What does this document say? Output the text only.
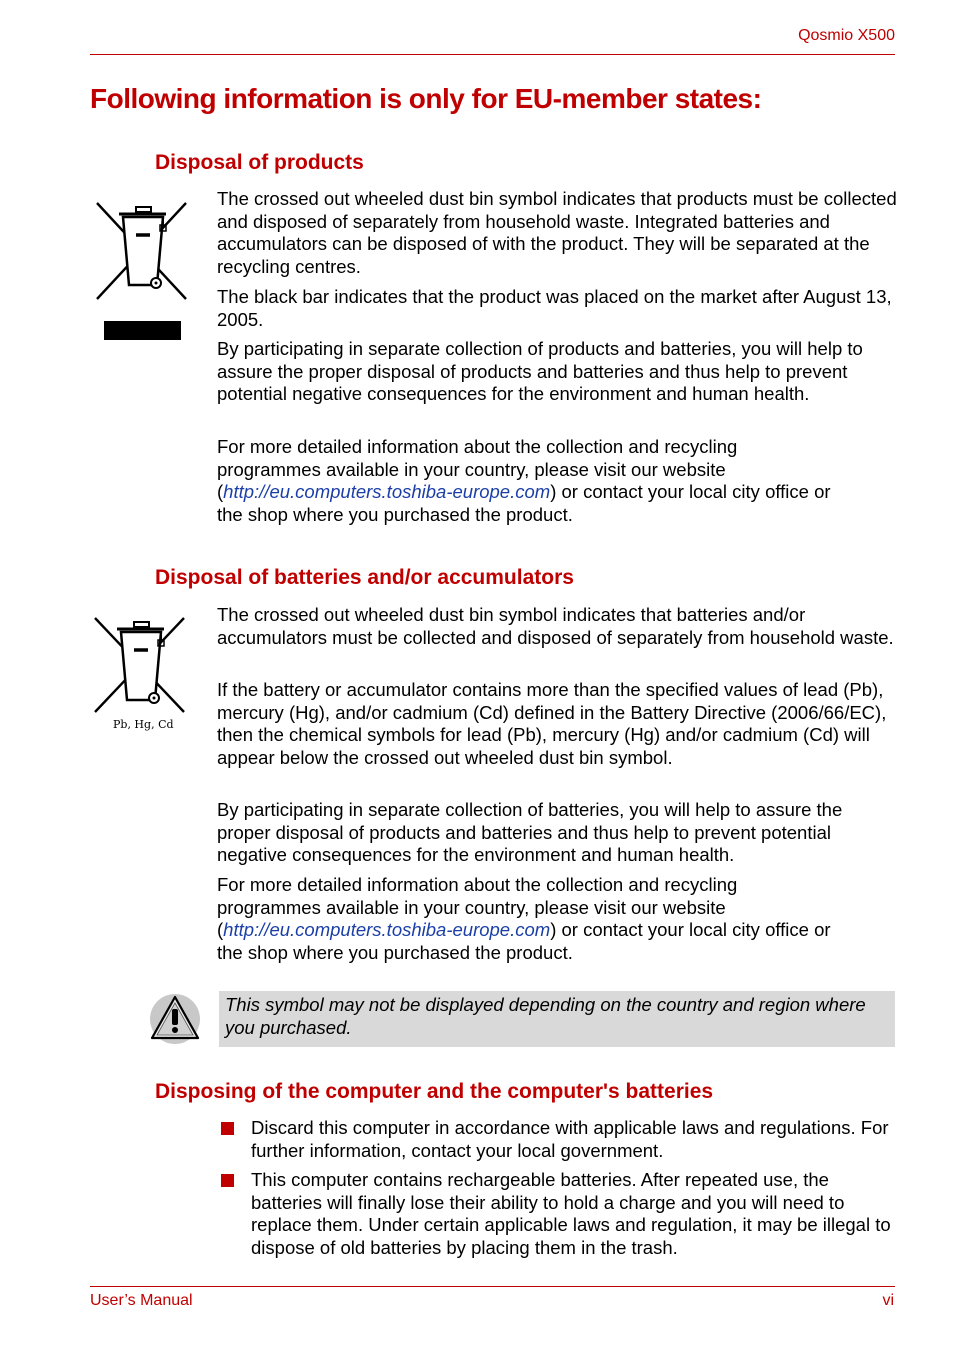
Qosmio X500
Following information is only for EU-member states:
Disposal of products

The crossed out wheeled dust bin symbol indicates that products must be collected and disposed of separately from household waste. Integrated batteries and accumulators can be disposed of with the product. They will be separated at the recycling centres.

The black bar indicates that the product was placed on the market after August 13, 2005.

By participating in separate collection of products and batteries, you will help to assure the proper disposal of products and batteries and thus help to prevent potential negative consequences for the environment and human health.

For more detailed information about the collection and recycling
programmes available in your country, please visit our website
(http://eu.computers.toshiba-europe.com) or contact your local city office or
the shop where you purchased the product.

Disposal of batteries and/or accumulators
Pb, Hg, Cd

The crossed out wheeled dust bin symbol indicates that batteries and/or accumulators must be collected and disposed of separately from household waste.

If the battery or accumulator contains more than the specified values of lead (Pb), mercury (Hg), and/or cadmium (Cd) defined in the Battery Directive (2006/66/EC), then the chemical symbols for lead (Pb), mercury (Hg) and/or cadmium (Cd) will appear below the crossed out wheeled dust bin symbol.

By participating in separate collection of batteries, you will help to assure the proper disposal of products and batteries and thus help to prevent potential negative consequences for the environment and human health.

For more detailed information about the collection and recycling
programmes available in your country, please visit our website
(http://eu.computers.toshiba-europe.com) or contact your local city office or
the shop where you purchased the product.

This symbol may not be displayed depending on the country and region where you purchased.

Disposing of the computer and the computer's batteries

Discard this computer in accordance with applicable laws and regulations. For further information, contact your local government.

This computer contains rechargeable batteries. After repeated use, the batteries will finally lose their ability to hold a charge and you will need to replace them. Under certain applicable laws and regulation, it may be illegal to dispose of old batteries by placing them in the trash.

User’s Manual	vi
